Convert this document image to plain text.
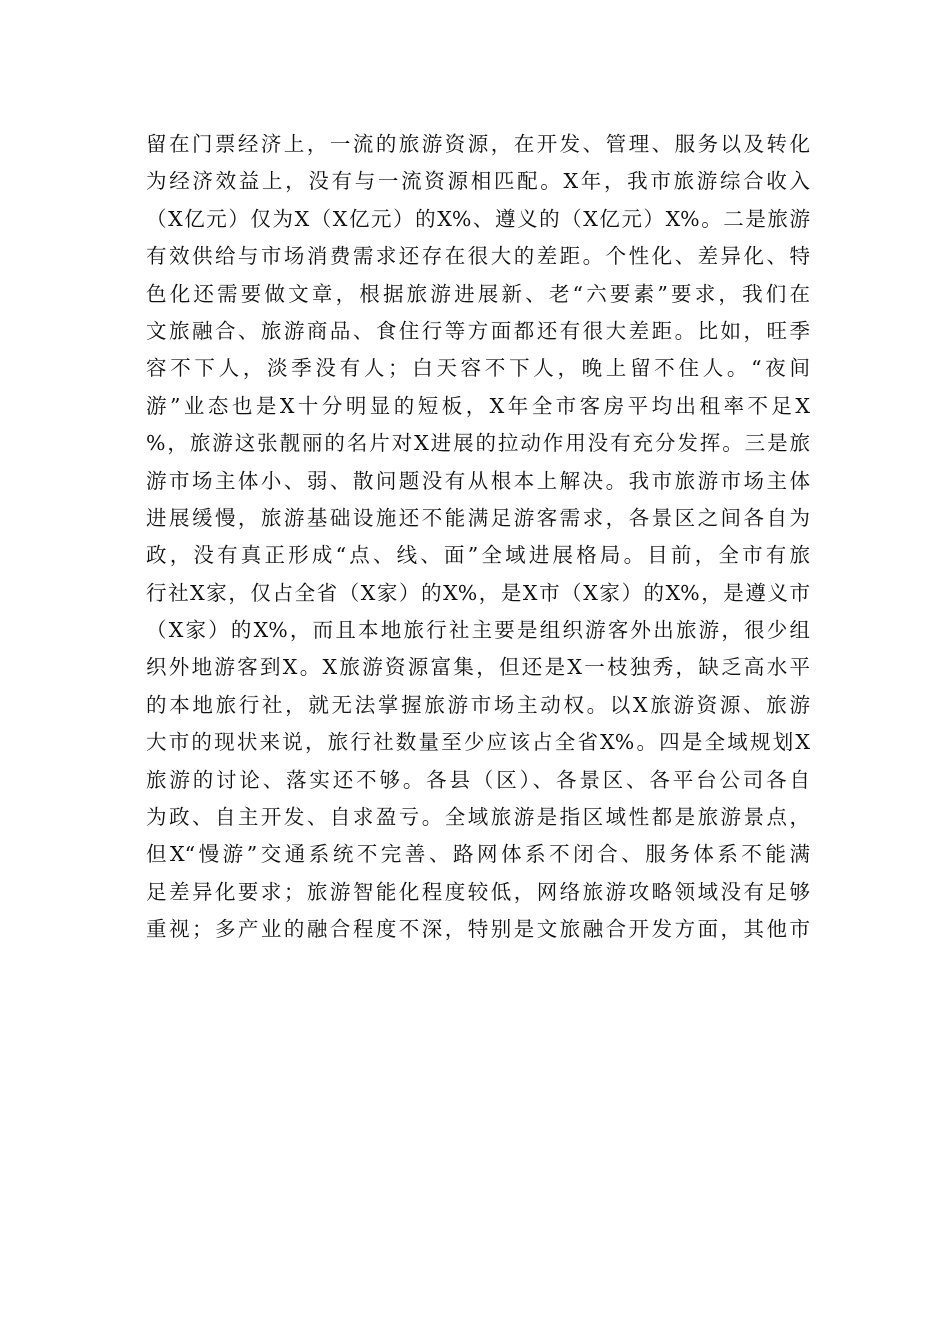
留在门票经济上，一流的旅游资源，在开发、管理、服务以及转化
为经济效益上，没有与一流资源相匹配。X年，我市旅游综合收入
（X亿元）仅为X（X亿元）的X%、遵义的（X亿元）X%。二是旅游
有效供给与市场消费需求还存在很大的差距。个性化、差异化、特
色化还需要做文章，根据旅游进展新、老“六要素”要求，我们在
文旅融合、旅游商品、食住行等方面都还有很大差距。比如，旺季
容不下人，淡季没有人；白天容不下人，晚上留不住人。“夜间
游”业态也是X十分明显的短板，X年全市客房平均出租率不足X
%，旅游这张靓丽的名片对X进展的拉动作用没有充分发挥。三是旅
游市场主体小、弱、散问题没有从根本上解决。我市旅游市场主体
进展缓慢，旅游基础设施还不能满足游客需求，各景区之间各自为
政，没有真正形成“点、线、面”全域进展格局。目前，全市有旅
行社X家，仅占全省（X家）的X%，是X市（X家）的X%，是遵义市
（X家）的X%，而且本地旅行社主要是组织游客外出旅游，很少组
织外地游客到X。X旅游资源富集，但还是X一枝独秀，缺乏高水平
的本地旅行社，就无法掌握旅游市场主动权。以X旅游资源、旅游
大市的现状来说，旅行社数量至少应该占全省X%。四是全域规划X
旅游的讨论、落实还不够。各县（区）、各景区、各平台公司各自
为政、自主开发、自求盈亏。全域旅游是指区域性都是旅游景点，
但X“慢游”交通系统不完善、路网体系不闭合、服务体系不能满
足差异化要求；旅游智能化程度较低，网络旅游攻略领域没有足够
重视；多产业的融合程度不深，特别是文旅融合开发方面，其他市
